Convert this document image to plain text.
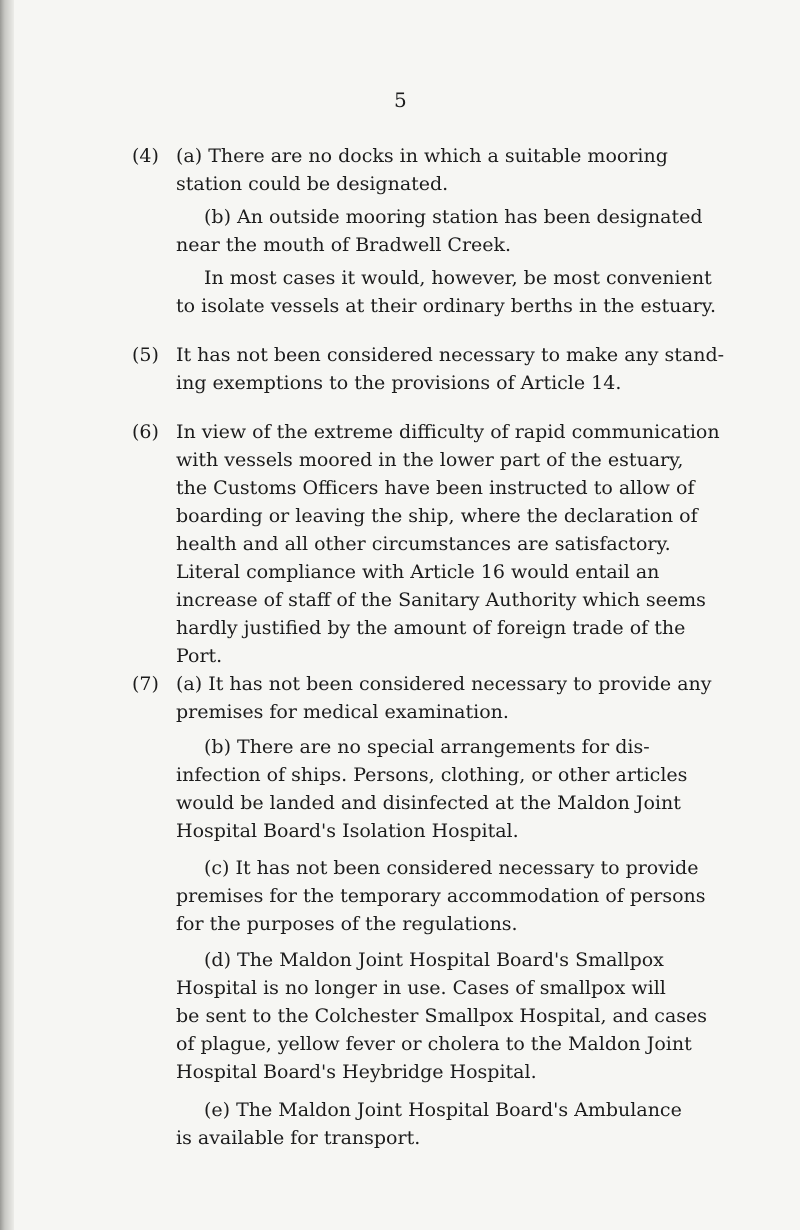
5
(4) (a) There are no docks in which a suitable mooring
station could be designated.
(b) An outside mooring station has been designated
near the mouth of Bradwell Creek.
In most cases it would, however, be most convenient
to isolate vessels at their ordinary berths in the estuary.
(5) It has not been considered necessary to make any stand-
ing exemptions to the provisions of Article 14.
(6) In view of the extreme difficulty of rapid communication
with vessels moored in the lower part of the estuary,
the Customs Officers have been instructed to allow of
boarding or leaving the ship, where the declaration of
health and all other circumstances are satisfactory.
Literal compliance with Article 16 would entail an
increase of staff of the Sanitary Authority which seems
hardly justified by the amount of foreign trade of the
Port.
(7) (a) It has not been considered necessary to provide any
premises for medical examination.
(b) There are no special arrangements for dis-
infection of ships. Persons, clothing, or other articles
would be landed and disinfected at the Maldon Joint
Hospital Board's Isolation Hospital.
(c) It has not been considered necessary to provide
premises for the temporary accommodation of persons
for the purposes of the regulations.
(d) The Maldon Joint Hospital Board's Smallpox
Hospital is no longer in use. Cases of smallpox will
be sent to the Colchester Smallpox Hospital, and cases
of plague, yellow fever or cholera to the Maldon Joint
Hospital Board's Heybridge Hospital.
(e) The Maldon Joint Hospital Board's Ambulance
is available for transport.
